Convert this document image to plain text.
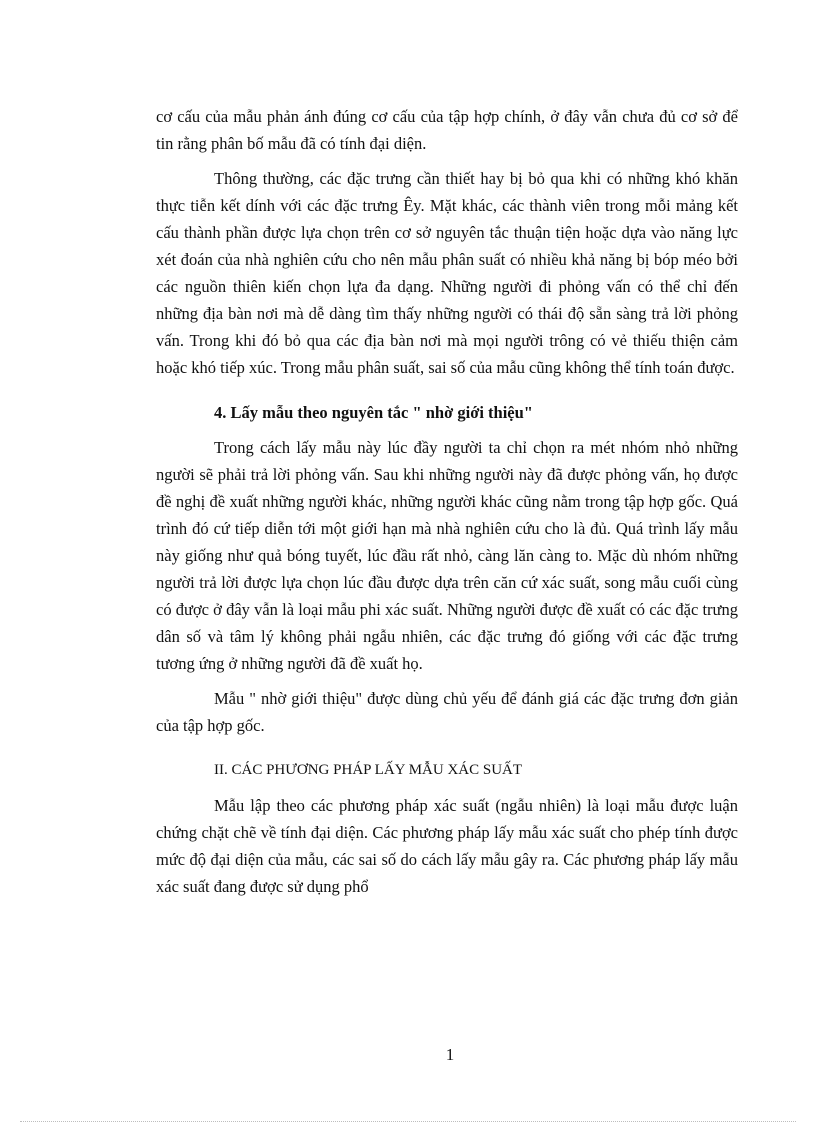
cơ cấu của mẫu phản ánh đúng cơ cấu của tập hợp chính, ở đây vẫn chưa đủ cơ sở để tin rằng phân bố mẫu đã có tính đại diện.

Thông thường, các đặc trưng cần thiết hay bị bỏ qua khi có những khó khăn thực tiễn kết dính với các đặc trưng Êy. Mặt khác, các thành viên trong mỗi mảng kết cấu thành phần được lựa chọn trên cơ sở nguyên tắc thuận tiện hoặc dựa vào năng lực xét đoán của nhà nghiên cứu cho nên mẫu phân suất có nhiều khả năng bị bóp méo bởi các nguồn thiên kiến chọn lựa đa dạng. Những người đi phỏng vấn có thể chỉ đến những địa bàn nơi mà dễ dàng tìm thấy những người có thái độ sẵn sàng trả lời phỏng vấn. Trong khi đó bỏ qua các địa bàn nơi mà mọi người trông có vẻ thiếu thiện cảm hoặc khó tiếp xúc. Trong mẫu phân suất, sai số của mẫu cũng không thể tính toán được.

4. Lấy mẫu theo nguyên tắc " nhờ giới thiệu"

Trong cách lấy mẫu này lúc đầy người ta chỉ chọn ra mét nhóm nhỏ những người sẽ phải trả lời phỏng vấn. Sau khi những người này đã được phỏng vấn, họ được đề nghị đề xuất những người khác, những người khác cũng nằm trong tập hợp gốc. Quá trình đó cứ tiếp diễn tới một giới hạn mà nhà nghiên cứu cho là đủ. Quá trình lấy mẫu này giống như quả bóng tuyết, lúc đầu rất nhỏ, càng lăn càng to. Mặc dù nhóm những người trả lời được lựa chọn lúc đầu được dựa trên căn cứ xác suất, song mẫu cuối cùng có được ở đây vẫn là loại mẫu phi xác suất. Những người được đề xuất có các đặc trưng dân số và tâm lý không phải ngẫu nhiên, các đặc trưng đó giống với các đặc trưng tương ứng ở những người đã đề xuất họ.

Mẫu " nhờ giới thiệu" được dùng chủ yếu để đánh giá các đặc trưng đơn giản của tập hợp gốc.

II. CÁC PHƯƠNG PHÁP LẤY MẪU XÁC SUẤT

Mẫu lập theo các phương pháp xác suất (ngẫu nhiên) là loại mẫu được luận chứng chặt chẽ về tính đại diện. Các phương pháp lấy mẫu xác suất cho phép tính được mức độ đại diện của mẫu, các sai số do cách lấy mẫu gây ra. Các phương pháp lấy mẫu xác suất đang được sử dụng phổ

1
